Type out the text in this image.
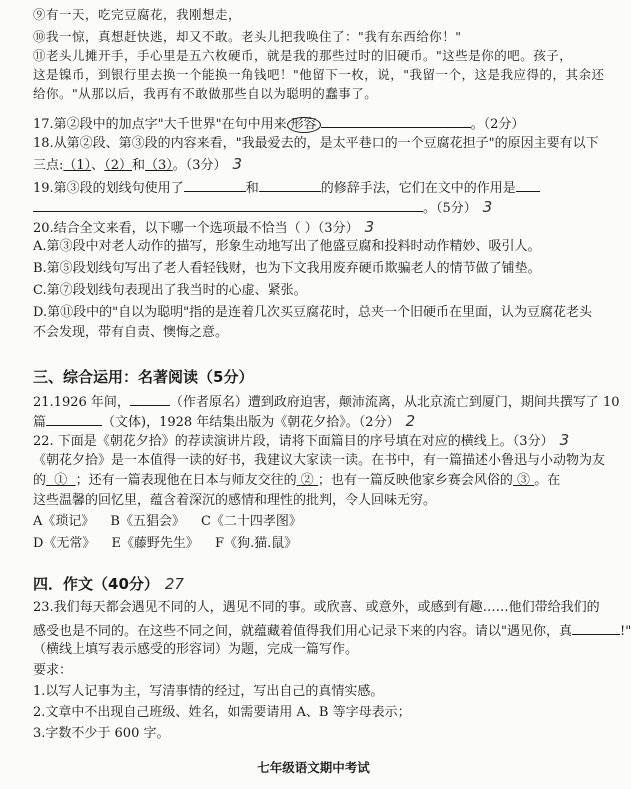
⑨有一天，吃完豆腐花，我刚想走，
⑩我一惊，真想赶快逃，却又不敢。老头儿把我唤住了："我有东西给你！"
⑪老头儿摊开手，手心里是五六枚硬币，就是我的那些过时的旧硬币。"这些是你的吧。孩子，
这是镍币，到银行里去换一个能换一角钱吧！"他留下一枚，说，"我留一个，这是我应得的，其余还
给你。"从那以后，我再有不敢做那些自以为聪明的蠢事了。
17.第②段中的加点字"大千世界"在句中用来 形容	。（2分）
18.从第②段、第③段的内容来看，"我最爱去的，是太平巷口的一个豆腐花担子"的原因主要有以下
三点:（1）、（2）和（3）。（3分） 3
19.第③段的划线句使用了	和	的修辞手法，它们在文中的作用是
。（5分） 3
20.结合全文来看，以下哪一个选项最不恰当（ ）（3分） 3
A.第③段中对老人动作的描写，形象生动地写出了他盛豆腐和投料时动作精妙、吸引人。
B.第⑤段划线句写出了老人看轻钱财，也为下文我用废弃硬币欺骗老人的情节做了铺垫。
C.第⑦段划线句表现出了我当时的心虚、紧张。
D.第⑪段中的"自以为聪明"指的是连着几次买豆腐花时，总夹一个旧硬币在里面，认为豆腐花老头
不会发现，带有自责、懊悔之意。
三、综合运用：名著阅读（5分）
21.1926 年间，	（作者原名）遭到政府迫害，颠沛流离，从北京流亡到厦门，期间共撰写了 10
篇	（文体)，1928 年结集出版为《朝花夕拾》。（2分） 2
22. 下面是《朝花夕拾》的荐读演讲片段，请将下面篇目的序号填在对应的横线上。（3分） 3
《朝花夕拾》是一本值得一读的好书，我建议大家读一读。在书中，有一篇描述小鲁迅与小动物为友
的 ① ；还有一篇表现他在日本与师友交往的 ② ；也有一篇反映他家乡赛会风俗的 ③ 。在
这些温馨的回忆里，蕴含着深沉的感情和理性的批判，令人回味无穷。
A《琐记》 B《五猖会》 C《二十四孝图》
D《无常》 E《藤野先生》 F《狗.猫.鼠》
四．作文（40分） 27
23.我们每天都会遇见不同的人，遇见不同的事。或欣喜、或意外，或感到有趣……他们带给我们的
感受也是不同的。在这些不同之间，就蕴藏着值得我们用心记录下来的内容。请以"遇见你，真	!"
（横线上填写表示感受的形容词）为题，完成一篇写作。
要求：
1.以写人记事为主，写清事情的经过，写出自己的真情实感。
2.文章中不出现自己班级、姓名，如需要请用 A、B 等字母表示；
3.字数不少于 600 字。
七年级语文期中考试
